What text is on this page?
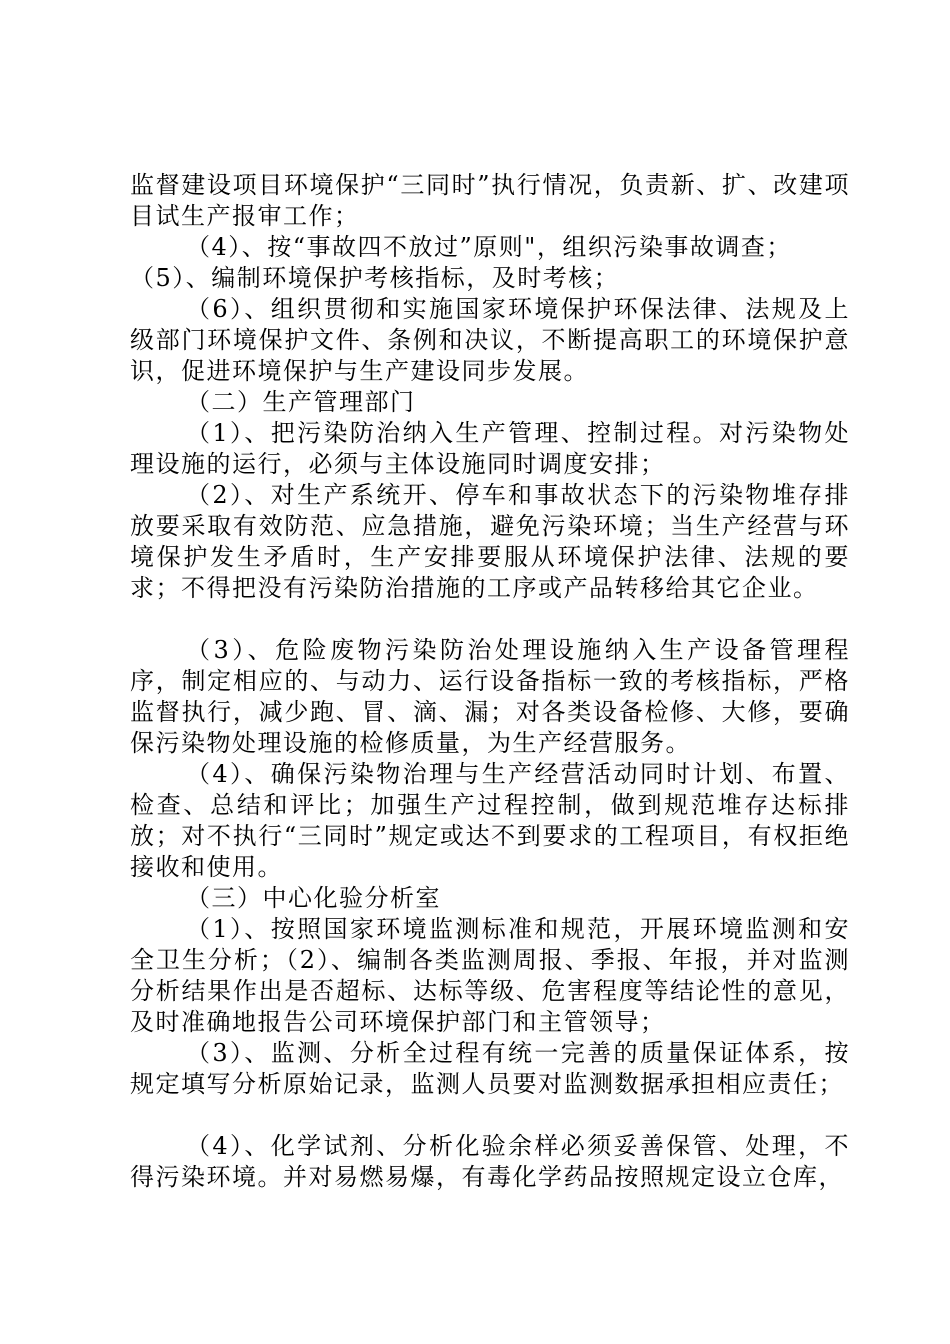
监督建设项目环境保护“三同时”执行情况，负责新、扩、改建项目试生产报审工作；

（4）、按“事故四不放过”原则"，组织污染事故调查；

（5）、编制环境保护考核指标，及时考核；

（6）、组织贯彻和实施国家环境保护环保法律、法规及上级部门环境保护文件、条例和决议，不断提高职工的环境保护意识，促进环境保护与生产建设同步发展。

（二）生产管理部门

（1）、把污染防治纳入生产管理、控制过程。对污染物处理设施的运行，必须与主体设施同时调度安排；

（2）、对生产系统开、停车和事故状态下的污染物堆存排放要采取有效防范、应急措施，避免污染环境；当生产经营与环境保护发生矛盾时，生产安排要服从环境保护法律、法规的要求；不得把没有污染防治措施的工序或产品转移给其它企业。

（3）、危险废物污染防治处理设施纳入生产设备管理程序，制定相应的、与动力、运行设备指标一致的考核指标，严格监督执行，减少跑、冒、滴、漏；对各类设备检修、大修，要确保污染物处理设施的检修质量，为生产经营服务。

（4）、确保污染物治理与生产经营活动同时计划、布置、检查、总结和评比；加强生产过程控制，做到规范堆存达标排放；对不执行“三同时”规定或达不到要求的工程项目，有权拒绝接收和使用。

（三）中心化验分析室

（1）、按照国家环境监测标准和规范，开展环境监测和安全卫生分析；（2）、编制各类监测周报、季报、年报，并对监测分析结果作出是否超标、达标等级、危害程度等结论性的意见，及时准确地报告公司环境保护部门和主管领导；

（3）、监测、分析全过程有统一完善的质量保证体系，按规定填写分析原始记录，监测人员要对监测数据承担相应责任；

（4）、化学试剂、分析化验余样必须妥善保管、处理，不得污染环境。并对易燃易爆，有毒化学药品按照规定设立仓库，
